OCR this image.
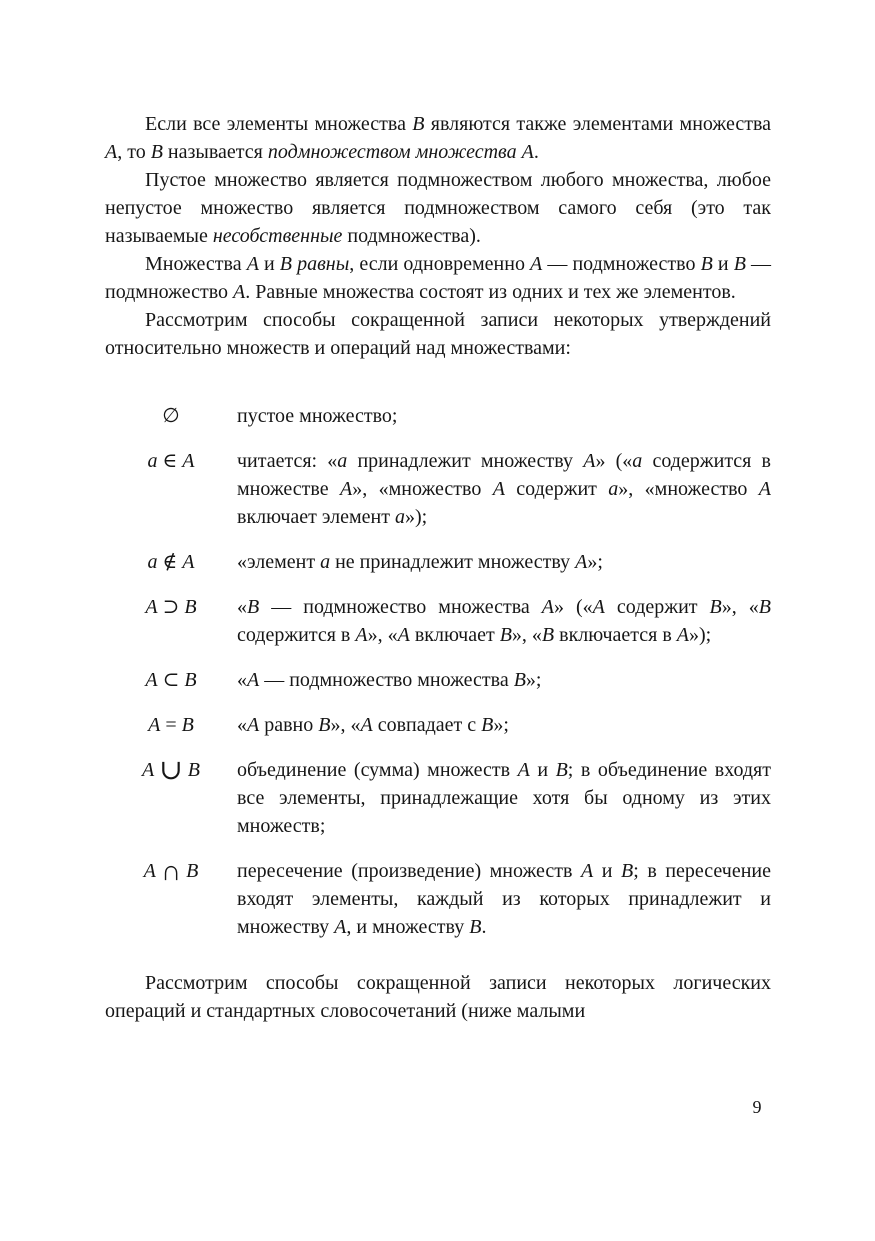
Если все элементы множества B являются также элементами множества A, то B называется подмножеством множества A.

Пустое множество является подмножеством любого множества, любое непустое множество является подмножеством самого себя (это так называемые несобственные подмножества).

Множества A и B равны, если одновременно A — подмножество B и B — подмножество A. Равные множества состоят из одних и тех же элементов.

Рассмотрим способы сокращенной записи некоторых утверждений относительно множеств и операций над множествами:

∅	пустое множество;
a ∈ A	читается: «a принадлежит множеству A» («a содержится в множестве A», «множество A содержит a», «множество A включает элемент a»);
a ∉ A	«элемент a не принадлежит множеству A»;
A ⊃ B	«B — подмножество множества A» («A содержит B», «B содержится в A», «A включает B», «B включается в A»);
A ⊂ B	«A — подмножество множества B»;
A = B	«A равно B», «A совпадает с B»;
A ∪ B	объединение (сумма) множеств A и B; в объединение входят все элементы, принадлежащие хотя бы одному из этих множеств;
A ∩ B	пересечение (произведение) множеств A и B; в пересечение входят элементы, каждый из которых принадлежит и множеству A, и множеству B.

Рассмотрим способы сокращенной записи некоторых логических операций и стандартных словосочетаний (ниже малыми

9
